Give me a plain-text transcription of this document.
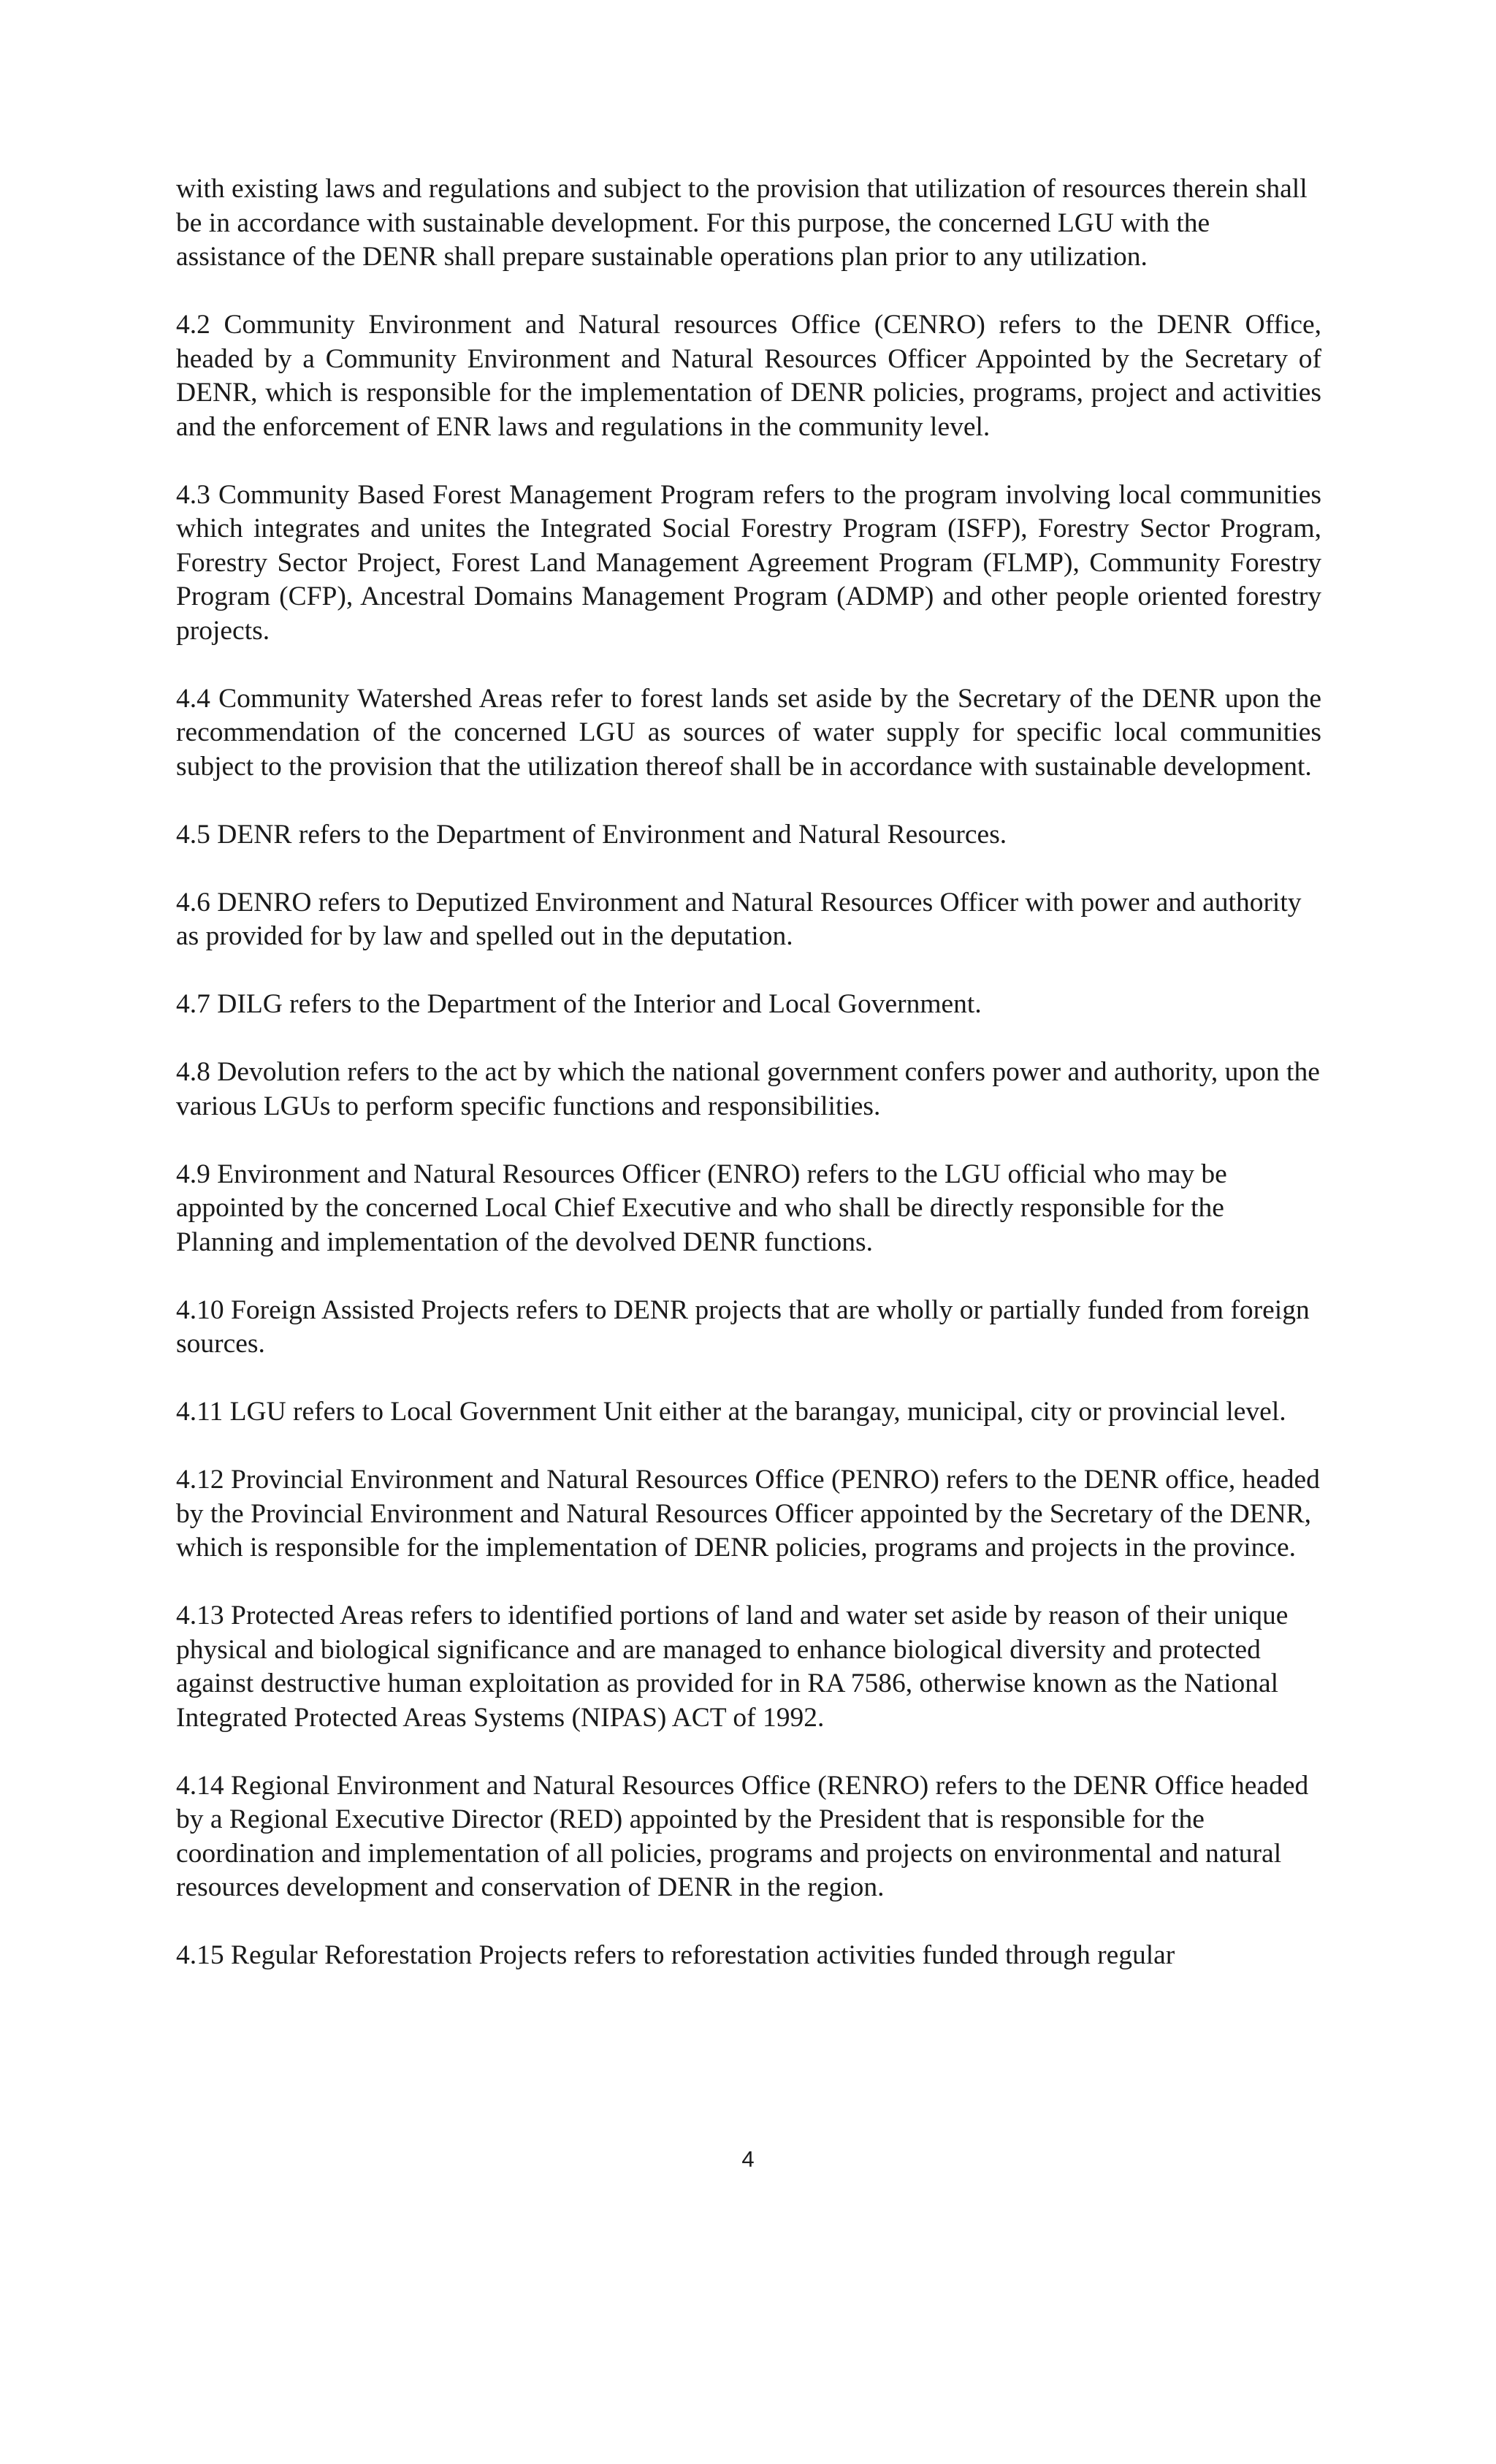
with existing laws and regulations and subject to the provision that utilization of resources therein shall be in accordance with sustainable development. For this purpose, the concerned LGU with the assistance of the DENR shall prepare sustainable operations plan prior to any utilization.

4.2 Community Environment and Natural resources Office (CENRO) refers to the DENR Office, headed by a Community Environment and Natural Resources Officer Appointed by the Secretary of DENR, which is responsible for the implementation of DENR policies, programs, project and activities and the enforcement of ENR laws and regulations in the community level.

4.3 Community Based Forest Management Program refers to the program involving local communities which integrates and unites the Integrated Social Forestry Program (ISFP), Forestry Sector Program, Forestry Sector Project, Forest Land Management Agreement Program (FLMP), Community Forestry Program (CFP), Ancestral Domains Management Program (ADMP) and other people oriented forestry projects.

4.4 Community Watershed Areas refer to forest lands set aside by the Secretary of the DENR upon the recommendation of the concerned LGU as sources of water supply for specific local communities subject to the provision that the utilization thereof shall be in accordance with sustainable development.

4.5 DENR refers to the Department of Environment and Natural Resources.

4.6 DENRO refers to Deputized Environment and Natural Resources Officer with power and authority as provided for by law and spelled out in the deputation.

4.7 DILG refers to the Department of the Interior and Local Government.

4.8 Devolution refers to the act by which the national government confers power and authority, upon the various LGUs to perform specific functions and responsibilities.

4.9 Environment and Natural Resources Officer (ENRO) refers to the LGU official who may be appointed by the concerned Local Chief Executive and who shall be directly responsible for the Planning and implementation of the devolved DENR functions.

4.10 Foreign Assisted Projects refers to DENR projects that are wholly or partially funded from foreign sources.

4.11 LGU refers to Local Government Unit either at the barangay, municipal, city or provincial level.

4.12 Provincial Environment and Natural Resources Office (PENRO) refers to the DENR office, headed by the Provincial Environment and Natural Resources Officer appointed by the Secretary of the DENR, which is responsible for the implementation of DENR policies, programs and projects in the province.

4.13 Protected Areas refers to identified portions of land and water set aside by reason of their unique physical and biological significance and are managed to enhance biological diversity and protected against destructive human exploitation as provided for in RA 7586, otherwise known as the National Integrated Protected Areas Systems (NIPAS) ACT of 1992.

4.14 Regional Environment and Natural Resources Office (RENRO) refers to the DENR Office headed by a Regional Executive Director (RED) appointed by the President that is responsible for the coordination and implementation of all policies, programs and projects on environmental and natural resources development and conservation of DENR in the region.

4.15 Regular Reforestation Projects refers to reforestation activities funded through regular

4
